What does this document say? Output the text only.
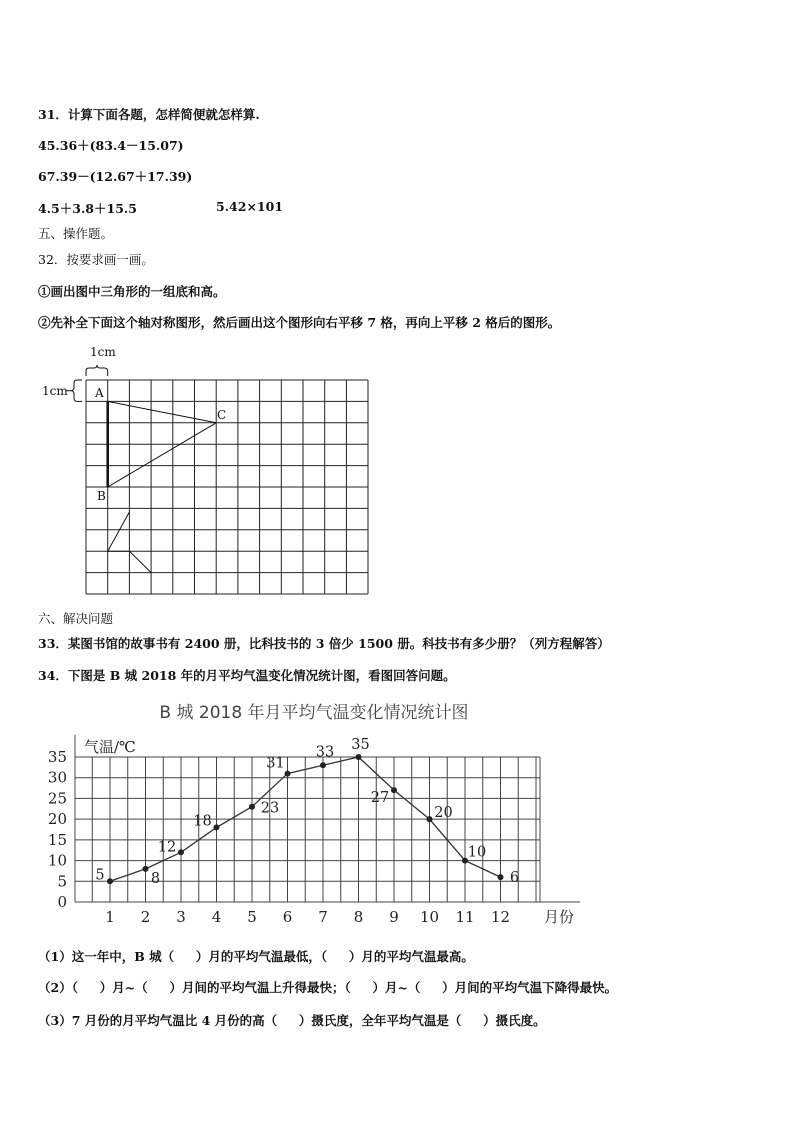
31．计算下面各题，怎样简便就怎样算.
45.36＋(83.4－15.07)
67.39－(12.67＋17.39)
4.5＋3.8＋15.5	5.42×101
五、操作题。
32．按要求画一画。
①画出图中三角形的一组底和高。
②先补全下面这个轴对称图形，然后画出这个图形向右平移 7 格，再向上平移 2 格后的图形。
1cm
1cm A
B
C
六、解决问题
33．某图书馆的故事书有 2400 册，比科技书的 3 倍少 1500 册。科技书有多少册？（列方程解答）
34．下图是 B 城 2018 年的月平均气温变化情况统计图，看图回答问题。
B 城 2018 年月平均气温变化情况统计图
气温/℃
月份
0
5
10
15
20
25
30
35
1 2 3 4 5 6 7 8 9 10 11 12
5	8
12
18
23
31
33 35
27
20
10
6
（1）这一年中，B 城（     ）月的平均气温最低，（     ）月的平均气温最高。
（2）（     ）月~（     ）月间的平均气温上升得最快；（     ）月~（     ）月间的平均气温下降得最快。
（3）7 月份的月平均气温比 4 月份的高（     ）摄氏度，全年平均气温是（     ）摄氏度。
